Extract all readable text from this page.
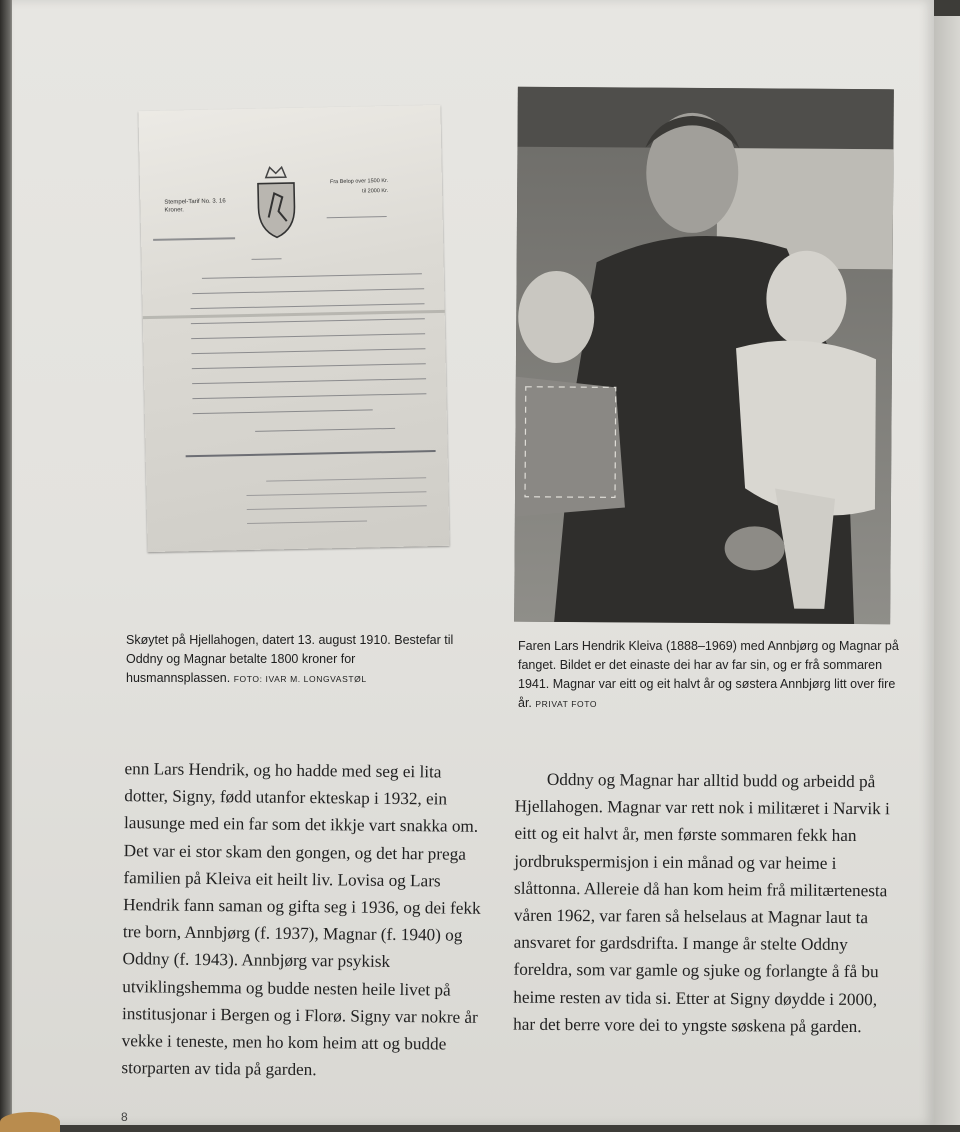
Stempel-Tarif No. 3. 16 Kroner.
Fra Belop over 1500 Kr.
til 2000 Kr.
Skøytet på Hjellahogen, datert 13. august 1910. Bestefar til Oddny og Magnar betalte 1800 kroner for husmannsplassen. FOTO: IVAR M. LONGVASTØL
Faren Lars Hendrik Kleiva (1888–1969) med Annbjørg og Magnar på fanget. Bildet er det einaste dei har av far sin, og er frå sommaren 1941. Magnar var eitt og eit halvt år og søstera Annbjørg litt over fire år. PRIVAT FOTO
enn Lars Hendrik, og ho hadde med seg ei lita dotter, Signy, fødd utanfor ekteskap i 1932, ein lausunge med ein far som det ikkje vart snakka om. Det var ei stor skam den gongen, og det har prega familien på Kleiva eit heilt liv. Lovisa og Lars Hendrik fann saman og gifta seg i 1936, og dei fekk tre born, Annbjørg (f. 1937), Magnar (f. 1940) og Oddny (f. 1943). Annbjørg var psykisk utviklingshemma og budde nesten heile livet på institusjonar i Bergen og i Florø. Signy var nokre år vekke i teneste, men ho kom heim att og budde storparten av tida på garden.
Oddny og Magnar har alltid budd og arbeidd på Hjellahogen. Magnar var rett nok i militæret i Narvik i eitt og eit halvt år, men første sommaren fekk han jordbrukspermisjon i ein månad og var heime i slåttonna. Allereie då han kom heim frå militærtenesta våren 1962, var faren så helselaus at Magnar laut ta ansvaret for gardsdrifta. I mange år stelte Oddny foreldra, som var gamle og sjuke og forlangte å få bu heime resten av tida si. Etter at Signy døydde i 2000, har det berre vore dei to yngste søskena på garden.
8
